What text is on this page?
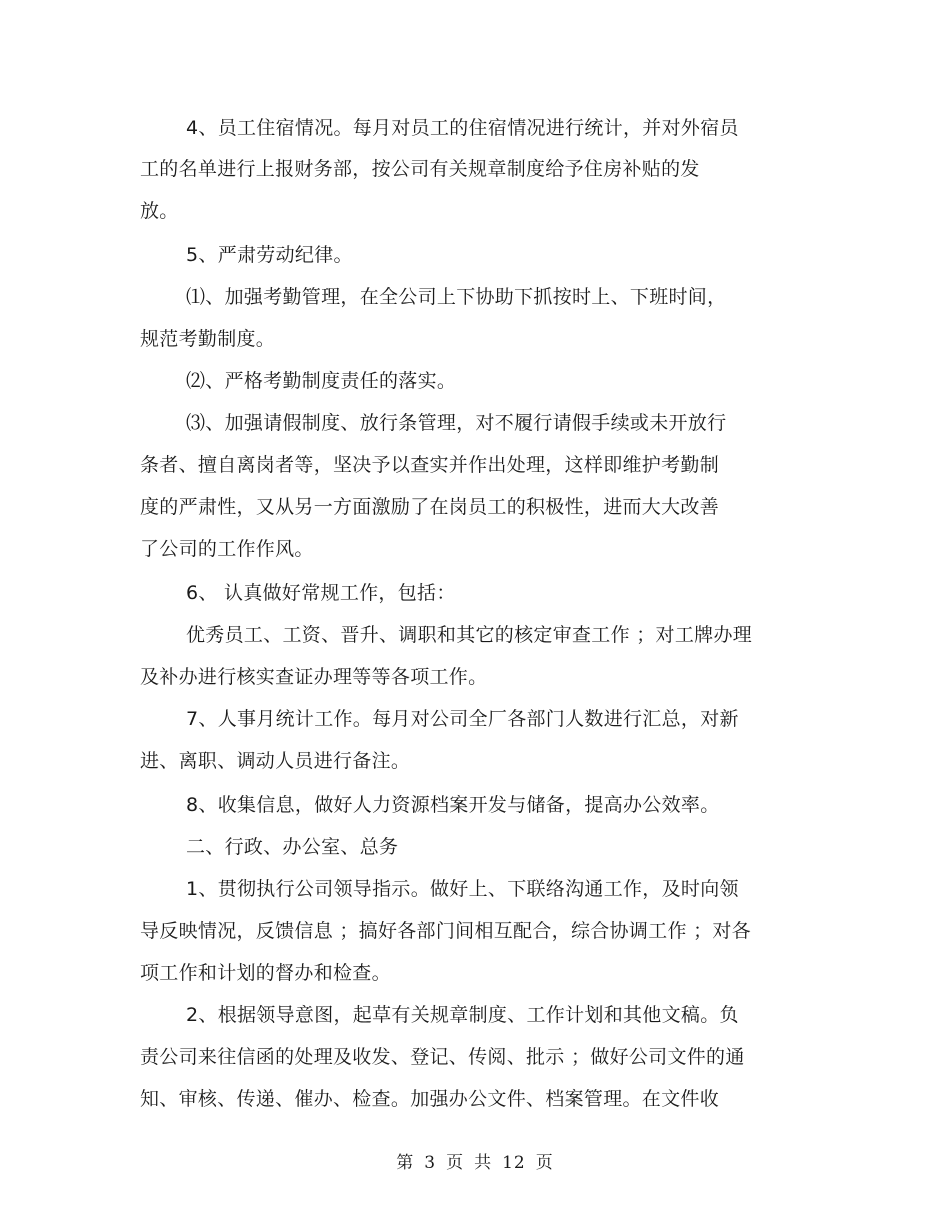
4、员工住宿情况。每月对员工的住宿情况进行统计，并对外宿员
工的名单进行上报财务部，按公司有关规章制度给予住房补贴的发
放。
5、严肃劳动纪律。
⑴、加强考勤管理，在全公司上下协助下抓按时上、下班时间，
规范考勤制度。
⑵、严格考勤制度责任的落实。
⑶、加强请假制度、放行条管理，对不履行请假手续或未开放行
条者、擅自离岗者等，坚决予以查实并作出处理，这样即维护考勤制
度的严肃性，又从另一方面激励了在岗员工的积极性，进而大大改善
了公司的工作作风。
6、 认真做好常规工作，包括：
优秀员工、工资、晋升、调职和其它的核定审查工作 ；对工牌办理
及补办进行核实查证办理等等各项工作。
7、人事月统计工作。每月对公司全厂各部门人数进行汇总，对新
进、离职、调动人员进行备注。
8、收集信息，做好人力资源档案开发与储备，提高办公效率。
二、行政、办公室、总务
1、贯彻执行公司领导指示。做好上、下联络沟通工作，及时向领
导反映情况，反馈信息 ；搞好各部门间相互配合，综合协调工作 ；对各
项工作和计划的督办和检查。
2、根据领导意图，起草有关规章制度、工作计划和其他文稿。负
责公司来往信函的处理及收发、登记、传阅、批示 ；做好公司文件的通
知、审核、传递、催办、检查。加强办公文件、档案管理。在文件收
第 3 页 共 12 页
